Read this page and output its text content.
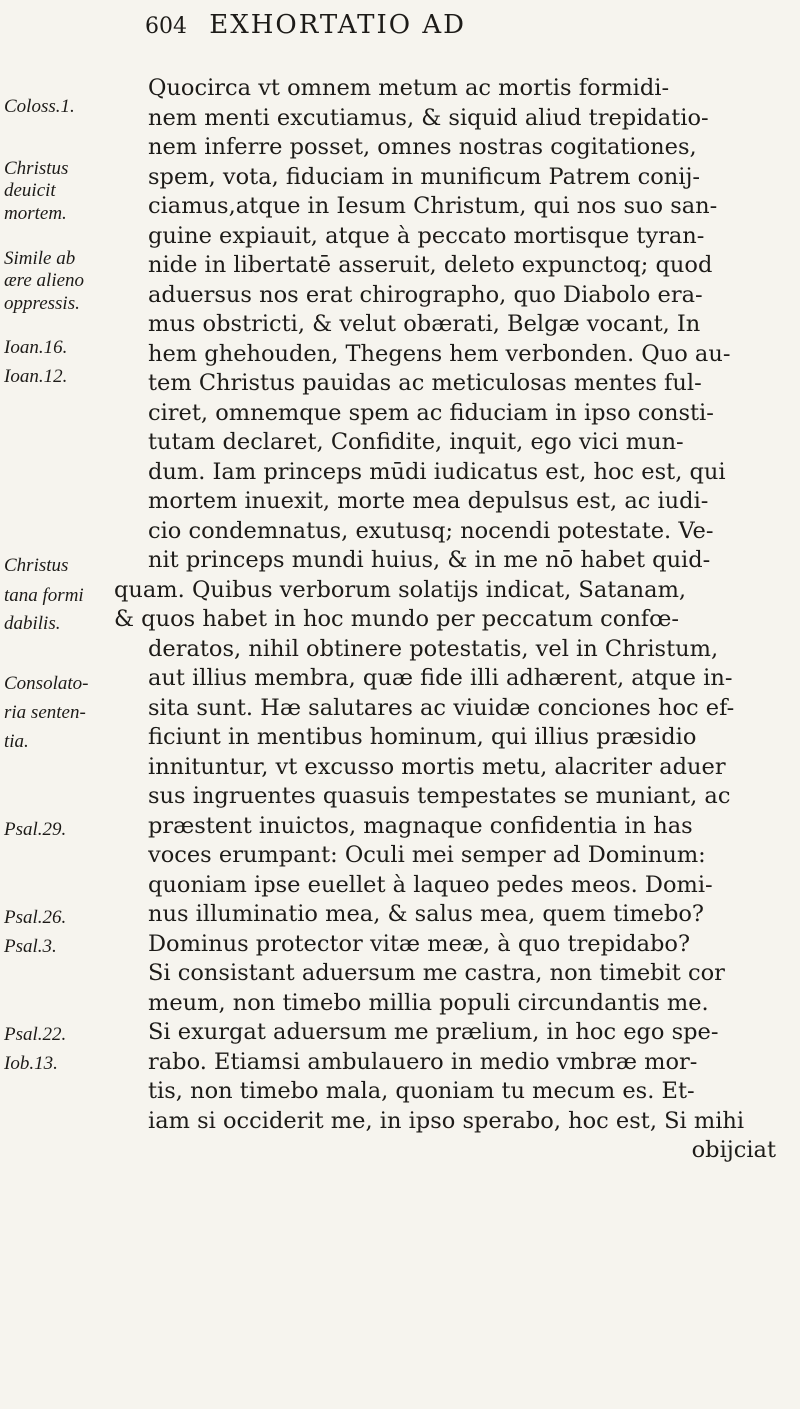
604 EXHORTATIO AD
Coloss.1.
Christus
deuicit
mortem.
Simile ab
ære alieno
oppressis.
Ioan.16.
Ioan.12.
Christus
tana formi
dabilis.
Consolato-
ria senten-
tia.
Psal.29.
Psal.26.
Psal.3.
Psal.22.
Iob.13.
Quocirca vt omnem metum ac mortis formidi-
nem menti excutiamus, & siquid aliud trepidatio-
nem inferre posset, omnes nostras cogitationes,
spem, vota, fiduciam in munificum Patrem conij-
ciamus,atque in Iesum Christum, qui nos suo san-
guine expiauit, atque à peccato mortisque tyran-
nide in libertatē asseruit, deleto expunctoq; quod
aduersus nos erat chirographo, quo Diabolo era-
mus obstricti, & velut obærati, Belgæ vocant, In
hem ghehouden, Thegens hem verbonden. Quo au-
tem Christus pauidas ac meticulosas mentes ful-
ciret, omnemque spem ac fiduciam in ipso consti-
tutam declaret, Confidite, inquit, ego vici mun-
dum. Iam princeps mūdi iudicatus est, hoc est, qui
mortem inuexit, morte mea depulsus est, ac iudi-
cio condemnatus, exutusq; nocendi potestate. Ve-
nit princeps mundi huius, & in me nō habet quid-
quam. Quibus verborum solatijs indicat, Satanam,
& quos habet in hoc mundo per peccatum confœ-
deratos, nihil obtinere potestatis, vel in Christum,
aut illius membra, quæ fide illi adhærent, atque in-
sita sunt. Hæ salutares ac viuidæ conciones hoc ef-
ficiunt in mentibus hominum, qui illius præsidio
innituntur, vt excusso mortis metu, alacriter aduer
sus ingruentes quasuis tempestates se muniant, ac
præstent inuictos, magnaque confidentia in has
voces erumpant: Oculi mei semper ad Dominum:
quoniam ipse euellet à laqueo pedes meos. Domi-
nus illuminatio mea, & salus mea, quem timebo?
Dominus protector vitæ meæ, à quo trepidabo?
Si consistant aduersum me castra, non timebit cor
meum, non timebo millia populi circundantis me.
Si exurgat aduersum me prælium, in hoc ego spe-
rabo. Etiamsi ambulauero in medio vmbræ mor-
tis, non timebo mala, quoniam tu mecum es. Et-
iam si occiderit me, in ipso sperabo, hoc est, Si mihi
obijciat
